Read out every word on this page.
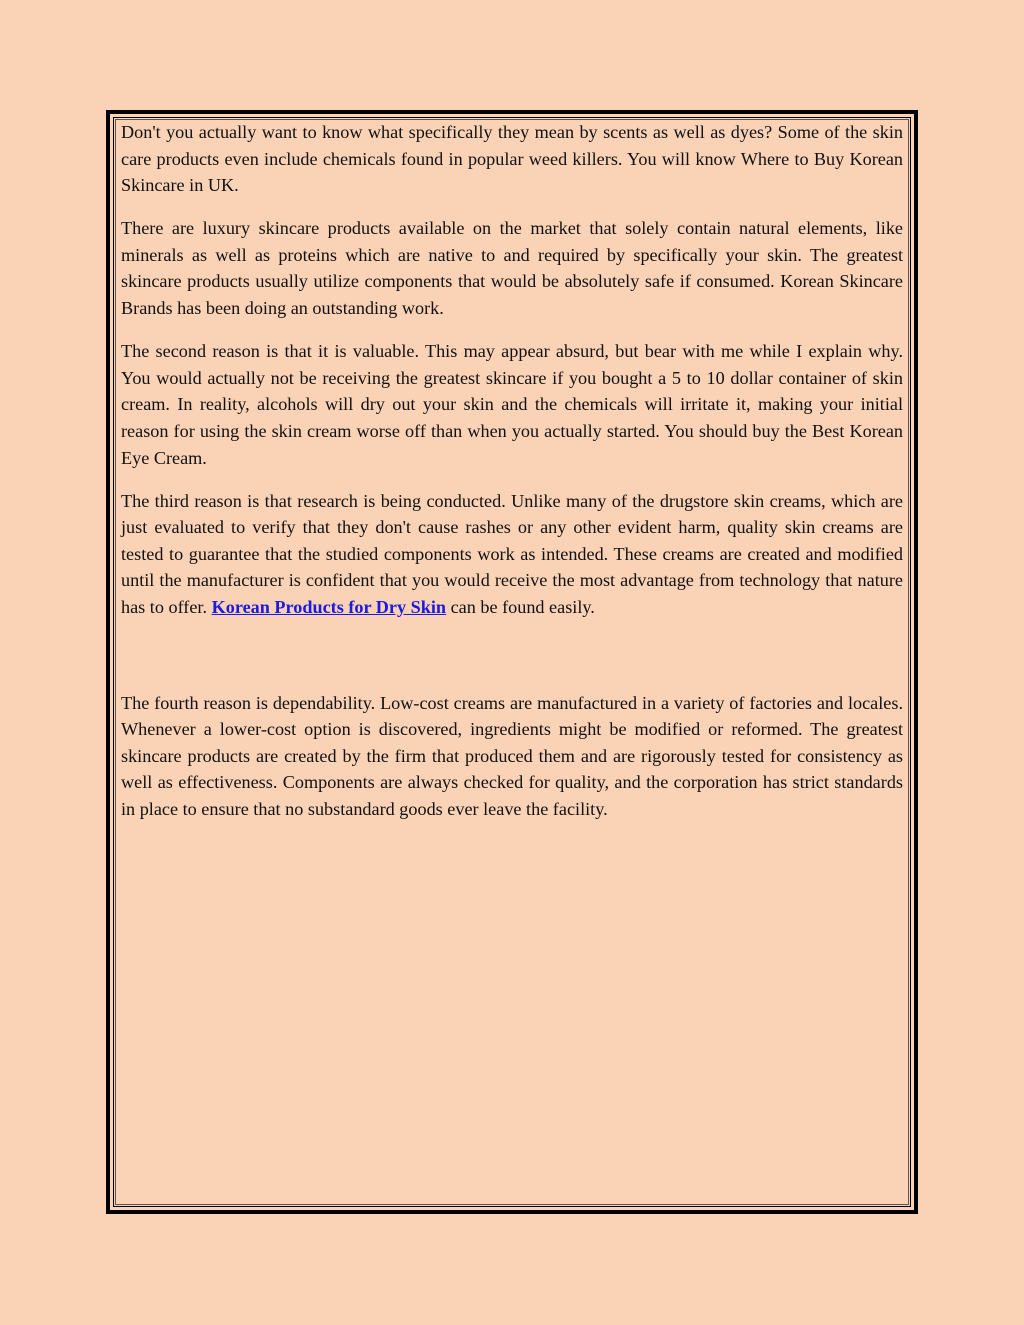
Don't you actually want to know what specifically they mean by scents as well as dyes? Some of the skin care products even include chemicals found in popular weed killers. You will know Where to Buy Korean Skincare in UK.

There are luxury skincare products available on the market that solely contain natural elements, like minerals as well as proteins which are native to and required by specifically your skin. The greatest skincare products usually utilize components that would be absolutely safe if consumed. Korean Skincare Brands has been doing an outstanding work.

The second reason is that it is valuable. This may appear absurd, but bear with me while I explain why. You would actually not be receiving the greatest skincare if you bought a 5 to 10 dollar container of skin cream. In reality, alcohols will dry out your skin and the chemicals will irritate it, making your initial reason for using the skin cream worse off than when you actually started. You should buy the Best Korean Eye Cream.

The third reason is that research is being conducted. Unlike many of the drugstore skin creams, which are just evaluated to verify that they don't cause rashes or any other evident harm, quality skin creams are tested to guarantee that the studied components work as intended. These creams are created and modified until the manufacturer is confident that you would receive the most advantage from technology that nature has to offer. Korean Products for Dry Skin can be found easily.

The fourth reason is dependability. Low-cost creams are manufactured in a variety of factories and locales. Whenever a lower-cost option is discovered, ingredients might be modified or reformed. The greatest skincare products are created by the firm that produced them and are rigorously tested for consistency as well as effectiveness. Components are always checked for quality, and the corporation has strict standards in place to ensure that no substandard goods ever leave the facility.
